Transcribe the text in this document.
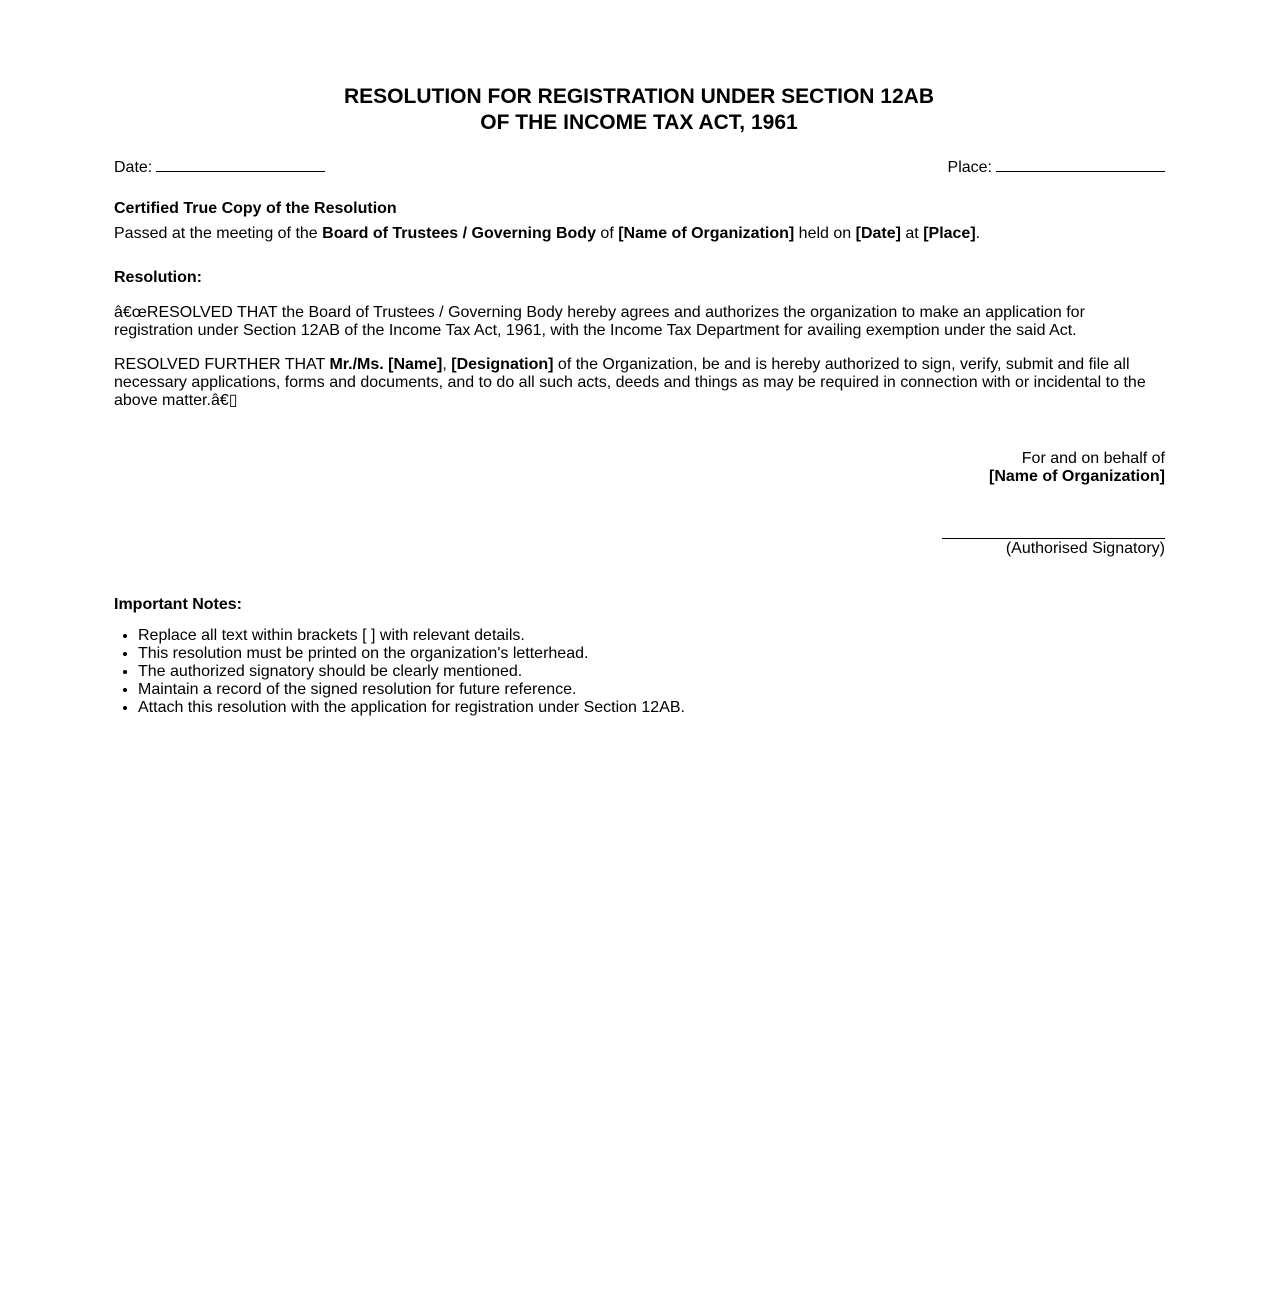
RESOLUTION FOR REGISTRATION UNDER SECTION 12AB
OF THE INCOME TAX ACT, 1961
Date:	Place:
Certified True Copy of the Resolution
Passed at the meeting of the Board of Trustees / Governing Body of [Name of Organization] held on [Date] at [Place].
Resolution:
â€œRESOLVED THAT the Board of Trustees / Governing Body hereby agrees and authorizes the organization to make an application for registration under Section 12AB of the Income Tax Act, 1961, with the Income Tax Department for availing exemption under the said Act.
RESOLVED FURTHER THAT Mr./Ms. [Name], [Designation] of the Organization, be and is hereby authorized to sign, verify, submit and file all necessary applications, forms and documents, and to do all such acts, deeds and things as may be required in connection with or incidental to the above matter.â€▯
For and on behalf of
[Name of Organization]
(Authorised Signatory)
Important Notes:
• Replace all text within brackets [ ] with relevant details.
• This resolution must be printed on the organization's letterhead.
• The authorized signatory should be clearly mentioned.
• Maintain a record of the signed resolution for future reference.
• Attach this resolution with the application for registration under Section 12AB.
